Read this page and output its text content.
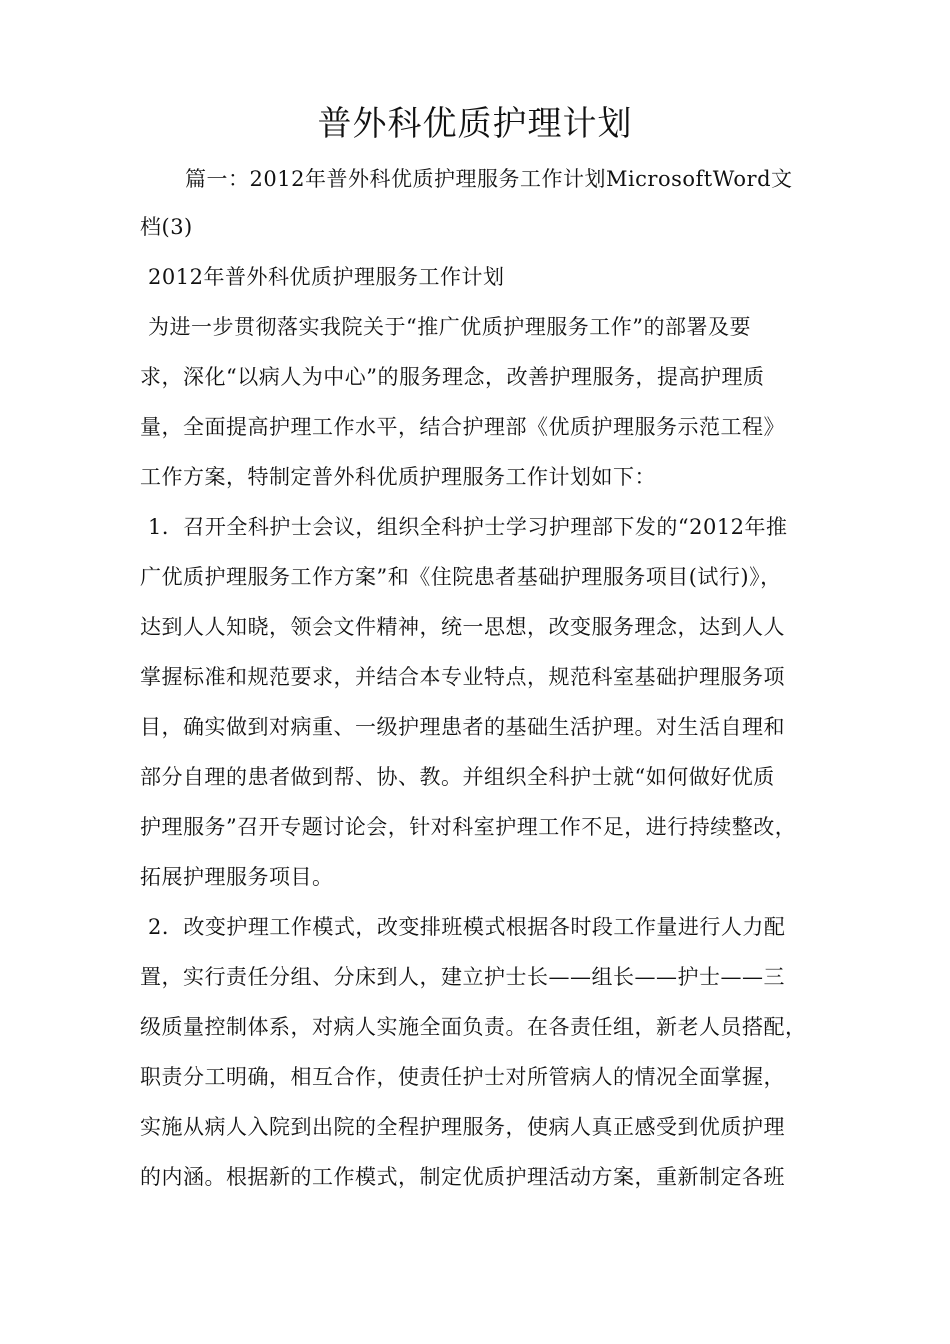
普外科优质护理计划
篇一：2012年普外科优质护理服务工作计划MicrosoftWord文
档(3)
2012年普外科优质护理服务工作计划
为进一步贯彻落实我院关于“推广优质护理服务工作”的部署及要
求，深化“以病人为中心”的服务理念，改善护理服务，提高护理质
量，全面提高护理工作水平，结合护理部《优质护理服务示范工程》
工作方案，特制定普外科优质护理服务工作计划如下：
1．召开全科护士会议，组织全科护士学习护理部下发的“2012年推
广优质护理服务工作方案”和《住院患者基础护理服务项目(试行)》，
达到人人知晓，领会文件精神，统一思想，改变服务理念，达到人人
掌握标准和规范要求，并结合本专业特点，规范科室基础护理服务项
目，确实做到对病重、一级护理患者的基础生活护理。对生活自理和
部分自理的患者做到帮、协、教。并组织全科护士就“如何做好优质
护理服务”召开专题讨论会，针对科室护理工作不足，进行持续整改，
拓展护理服务项目。
2．改变护理工作模式，改变排班模式根据各时段工作量进行人力配
置，实行责任分组、分床到人，建立护士长——组长——护士——三
级质量控制体系，对病人实施全面负责。在各责任组，新老人员搭配，
职责分工明确，相互合作，使责任护士对所管病人的情况全面掌握，
实施从病人入院到出院的全程护理服务，使病人真正感受到优质护理
的内涵。根据新的工作模式，制定优质护理活动方案，重新制定各班
